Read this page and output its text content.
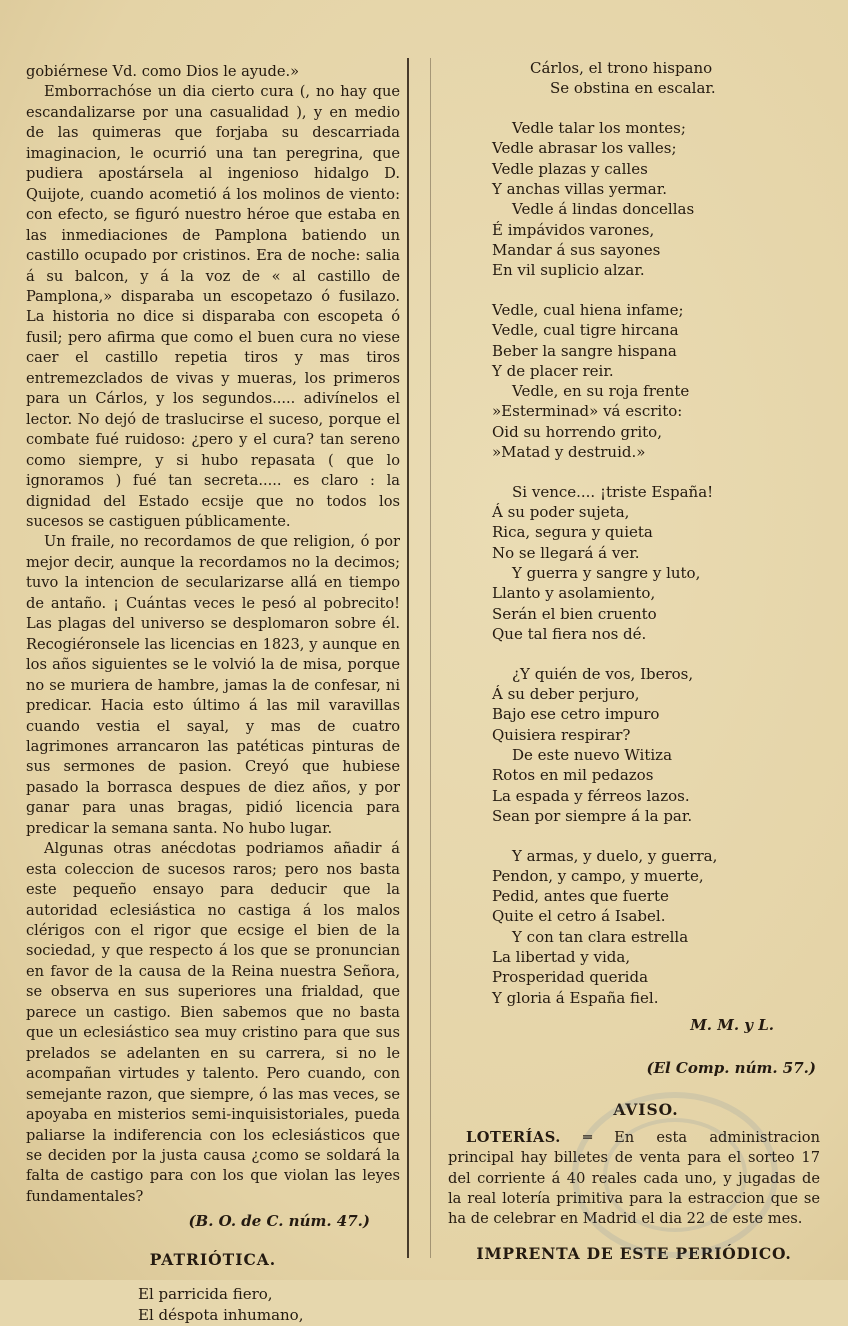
gobiérnese Vd. como Dios le ayude.»

Emborrachóse un dia cierto cura (, no hay que escandalizarse por una casualidad ), y en medio de las quimeras que forjaba su descarriada imaginacion, le ocurrió una tan peregrina, que pudiera apostársela al ingenioso hidalgo D. Quijote, cuando acometió á los molinos de viento: con efecto, se figuró nuestro héroe que estaba en las inmediaciones de Pamplona batiendo un castillo ocupado por cristinos. Era de noche: salia á su balcon, y á la voz de « al castillo de Pamplona,» disparaba un escopetazo ó fusilazo. La historia no dice si disparaba con escopeta ó fusil; pero afirma que como el buen cura no viese caer el castillo repetia tiros y mas tiros entremezclados de vivas y mueras, los primeros para un Cárlos, y los segundos..... adivínelos el lector. No dejó de traslucirse el suceso, porque el combate fué ruidoso: ¿pero y el cura? tan sereno como siempre, y si hubo repasata ( que lo ignoramos ) fué tan secreta..... es claro : la dignidad del Estado ecsije que no todos los sucesos se castiguen públicamente.

Un fraile, no recordamos de que religion, ó por mejor decir, aunque la recordamos no la decimos; tuvo la intencion de secularizarse allá en tiempo de antaño. ¡ Cuántas veces le pesó al pobrecito! Las plagas del universo se desplomaron sobre él. Recogiéronsele las licencias en 1823, y aunque en los años siguientes se le volvió la de misa, porque no se muriera de hambre, jamas la de confesar, ni predicar. Hacia esto último á las mil varavillas cuando vestia el sayal, y mas de cuatro lagrimones arrancaron las patéticas pinturas de sus sermones de pasion. Creyó que hubiese pasado la borrasca despues de diez años, y por ganar para unas bragas, pidió licencia para predicar la semana santa. No hubo lugar.

Algunas otras anécdotas podriamos añadir á esta coleccion de sucesos raros; pero nos basta este pequeño ensayo para deducir que la autoridad eclesiástica no castiga á los malos clérigos con el rigor que ecsige el bien de la sociedad, y que respecto á los que se pronuncian en favor de la causa de la Reina nuestra Señora, se observa en sus superiores una frialdad, que parece un castigo. Bien sabemos que no basta que un eclesiástico sea muy cristino para que sus prelados se adelanten en su carrera, si no le acompañan virtudes y talento. Pero cuando, con semejante razon, que siempre, ó las mas veces, se apoyaba en misterios semi-inquisistoriales, pueda paliarse la indiferencia con los eclesiásticos que se deciden por la justa causa ¿como se soldará la falta de castigo para con los que violan las leyes fundamentales?

(B. O. de C. núm. 47.)
PATRIÓTICA.
El parricida fiero,
El déspota inhumano,
Cárlos, el trono hispano
Se obstina en escalar.
Vedle talar los montes;
Vedle abrasar los valles;
Vedle plazas y calles
Y anchas villas yermar.
Vedle á lindas doncellas
É impávidos varones,
Mandar á sus sayones
En vil suplicio alzar.
Vedle, cual hiena infame;
Vedle, cual tigre hircana
Beber la sangre hispana
Y de placer reir.
Vedle, en su roja frente
»Esterminad» vá escrito:
Oid su horrendo grito,
»Matad y destruid.»
Si vence.... ¡triste España!
Á su poder sujeta,
Rica, segura y quieta
No se llegará á ver.
Y guerra y sangre y luto,
Llanto y asolamiento,
Serán el bien cruento
Que tal fiera nos dé.
¿Y quién de vos, Iberos,
Á su deber perjuro,
Bajo ese cetro impuro
Quisiera respirar?
De este nuevo Witiza
Rotos en mil pedazos
La espada y férreos lazos.
Sean por siempre á la par.
Y armas, y duelo, y guerra,
Pendon, y campo, y muerte,
Pedid, antes que fuerte
Quite el cetro á Isabel.
Y con tan clara estrella
La libertad y vida,
Prosperidad querida
Y gloria á España fiel.
M. M. y L.
(El Comp. núm. 57.)
AVISO.

LOTERÍAS. ═ En esta administracion principal hay billetes de venta para el sorteo 17 del corriente á 40 reales cada uno, y jugadas de la real lotería primitiva para la estraccion que se ha de celebrar en Madrid el dia 22 de este mes.

IMPRENTA DE ESTE PERIÓDICO.
